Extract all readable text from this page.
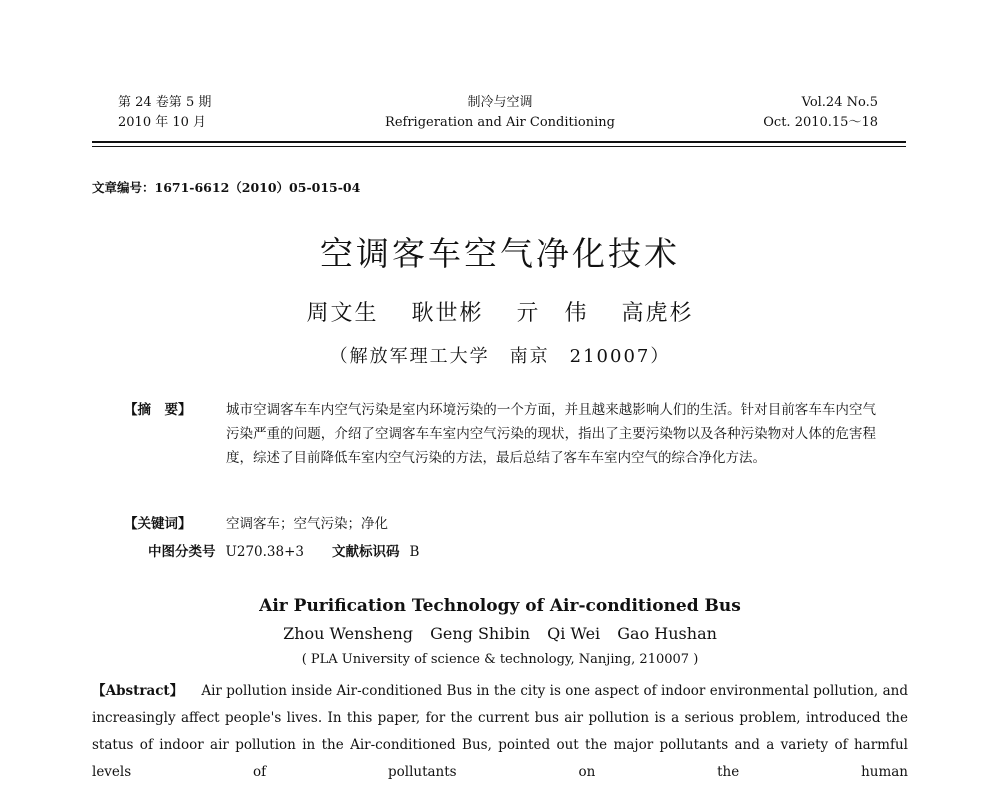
第 24 卷第 5 期
2010 年 10 月
制冷与空调
Refrigeration and Air Conditioning
Vol.24 No.5
Oct. 2010.15～18
文章编号：1671-6612（2010）05-015-04
空调客车空气净化技术
周文生 耿世彬 亓　伟 高虎杉
（解放军理工大学　南京　210007）
【摘　要】	城市空调客车车内空气污染是室内环境污染的一个方面，并且越来越影响人们的生活。针对目前客车车内空气污染严重的问题，介绍了空调客车车室内空气污染的现状，指出了主要污染物以及各种污染物对人体的危害程度，综述了目前降低车室内空气污染的方法，最后总结了客车车室内空气的综合净化方法。
【关键词】	空调客车；空气污染；净化
中图分类号 U270.38+3 文献标识码 B
Air Purification Technology of Air-conditioned Bus
Zhou Wensheng Geng Shibin Qi Wei Gao Hushan
( PLA University of science & technology, Nanjing, 210007 )
【Abstract】 Air pollution inside Air-conditioned Bus in the city is one aspect of indoor environmental pollution, and increasingly affect people's lives. In this paper, for the current bus air pollution is a serious problem, introduced the status of indoor air pollution in the Air-conditioned Bus, pointed out the major pollutants and a variety of harmful levels of pollutants on the human
